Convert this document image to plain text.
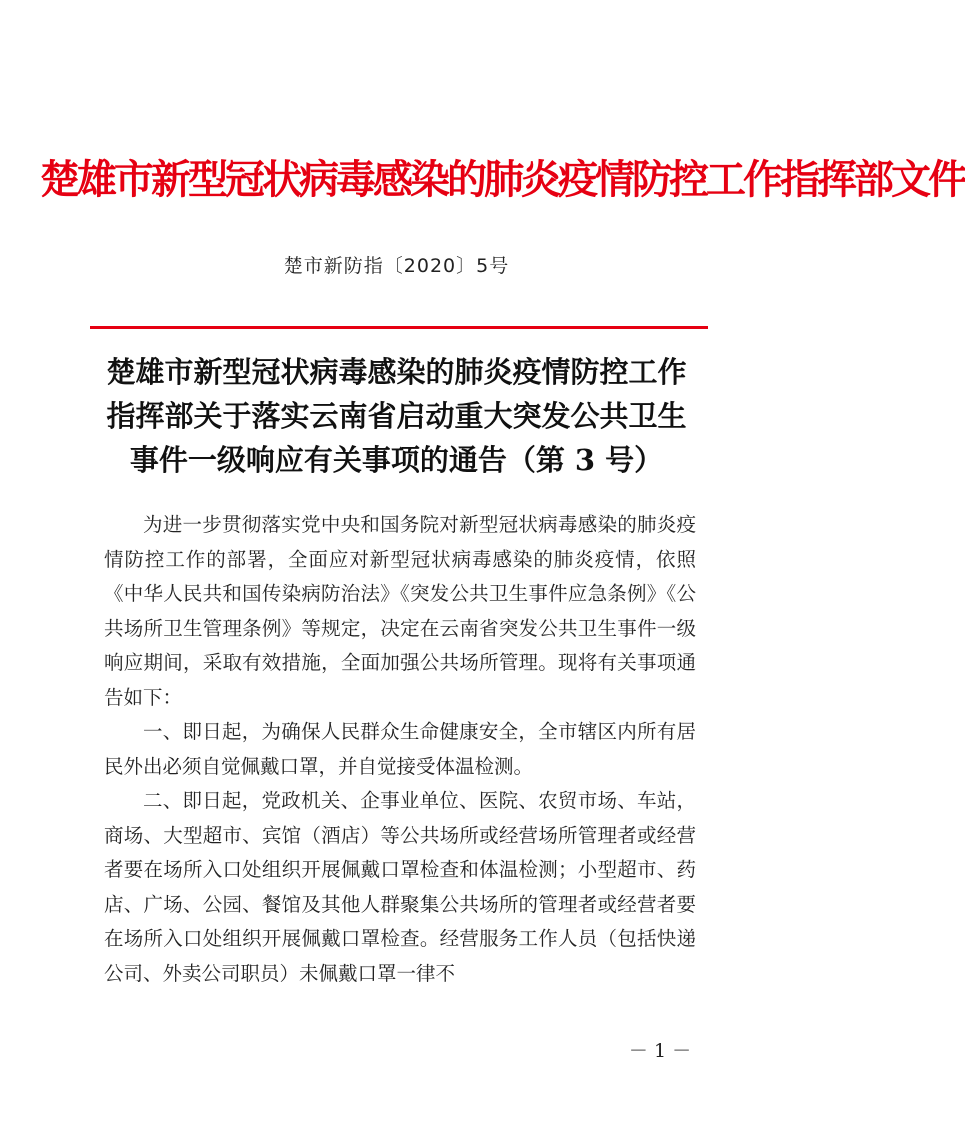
楚雄市新型冠状病毒感染的肺炎疫情防控工作指挥部文件
楚市新防指〔2020〕5号
楚雄市新型冠状病毒感染的肺炎疫情防控工作
指挥部关于落实云南省启动重大突发公共卫生
事件一级响应有关事项的通告（第 3 号）

为进一步贯彻落实党中央和国务院对新型冠状病毒感染的肺炎疫情防控工作的部署，全面应对新型冠状病毒感染的肺炎疫情，依照《中华人民共和国传染病防治法》《突发公共卫生事件应急条例》《公共场所卫生管理条例》等规定，决定在云南省突发公共卫生事件一级响应期间，采取有效措施，全面加强公共场所管理。现将有关事项通告如下：

一、即日起，为确保人民群众生命健康安全，全市辖区内所有居民外出必须自觉佩戴口罩，并自觉接受体温检测。

二、即日起，党政机关、企事业单位、医院、农贸市场、车站，商场、大型超市、宾馆（酒店）等公共场所或经营场所管理者或经营者要在场所入口处组织开展佩戴口罩检查和体温检测；小型超市、药店、广场、公园、餐馆及其他人群聚集公共场所的管理者或经营者要在场所入口处组织开展佩戴口罩检查。经营服务工作人员（包括快递公司、外卖公司职员）未佩戴口罩一律不

－ 1 －
